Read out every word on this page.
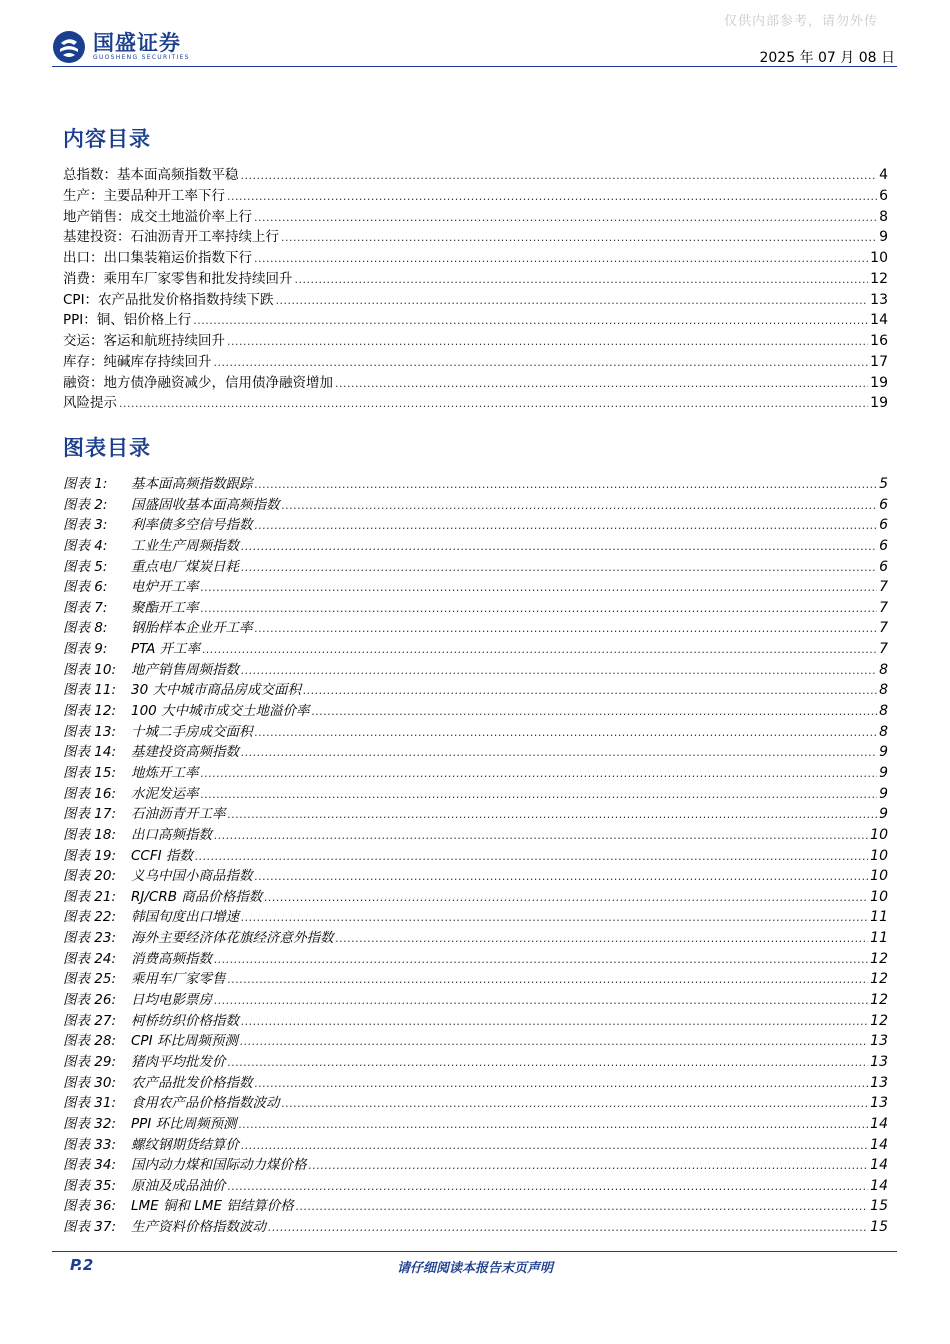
仅供内部参考，请勿外传
国盛证券
GUOSHENG SECURITIES	2025 年 07 月 08 日
内容目录
总指数：基本面高频指数平稳 .....	4
生产：主要品种开工率下行 .....	6
地产销售：成交土地溢价率上行 .....	8
基建投资：石油沥青开工率持续上行 .....	9
出口：出口集装箱运价指数下行 .....	10
消费：乘用车厂家零售和批发持续回升 .....	12
CPI：农产品批发价格指数持续下跌 .....	13
PPI：铜、铝价格上行 .....	14
交运：客运和航班持续回升 .....	16
库存：纯碱库存持续回升 .....	17
融资：地方债净融资减少，信用债净融资增加 .....	19
风险提示 .....	19
图表目录
图表 1: 基本面高频指数跟踪 .....	5
图表 2: 国盛固收基本面高频指数 .....	6
图表 3: 利率债多空信号指数 .....	6
图表 4: 工业生产周频指数 .....	6
图表 5: 重点电厂煤炭日耗 .....	6
图表 6: 电炉开工率 .....	7
图表 7: 聚酯开工率 .....	7
图表 8: 钢胎样本企业开工率 .....	7
图表 9: PTA 开工率 .....	7
图表 10: 地产销售周频指数 .....	8
图表 11: 30 大中城市商品房成交面积 .....	8
图表 12: 100 大中城市成交土地溢价率 .....	8
图表 13: 十城二手房成交面积 .....	8
图表 14: 基建投资高频指数 .....	9
图表 15: 地炼开工率 .....	9
图表 16: 水泥发运率 .....	9
图表 17: 石油沥青开工率 .....	9
图表 18: 出口高频指数 .....	10
图表 19: CCFI 指数 .....	10
图表 20: 义乌中国小商品指数 .....	10
图表 21: RJ/CRB 商品价格指数 .....	10
图表 22: 韩国旬度出口增速 .....	11
图表 23: 海外主要经济体花旗经济意外指数 .....	11
图表 24: 消费高频指数 .....	12
图表 25: 乘用车厂家零售 .....	12
图表 26: 日均电影票房 .....	12
图表 27: 柯桥纺织价格指数 .....	12
图表 28: CPI 环比周频预测 .....	13
图表 29: 猪肉平均批发价 .....	13
图表 30: 农产品批发价格指数 .....	13
图表 31: 食用农产品价格指数波动 .....	13
图表 32: PPI 环比周频预测 .....	14
图表 33: 螺纹钢期货结算价 .....	14
图表 34: 国内动力煤和国际动力煤价格 .....	14
图表 35: 原油及成品油价 .....	14
图表 36: LME 铜和 LME 铝结算价格 .....	15
图表 37: 生产资料价格指数波动 .....	15
P.2	请仔细阅读本报告末页声明
